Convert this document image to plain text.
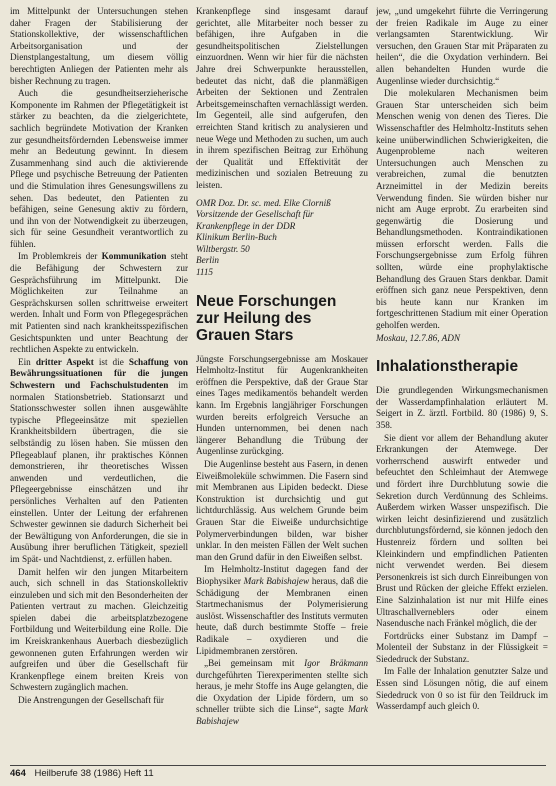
im Mittelpunkt der Untersuchungen stehen daher Fragen der Stabilisierung der Stationskollektive, der wissenschaftlichen Arbeitsorganisation und der Dienstplangestaltung, um diesem völlig berechtigten Anliegen der Patienten mehr als bisher Rechnung zu tragen.

Auch die gesundheitserzieherische Komponente im Rahmen der Pflegetätigkeit ist stärker zu beachten, da die zielgerichtete, sachlich begründete Motivation der Kranken zur gesundheitsfördernden Lebensweise immer mehr an Bedeutung gewinnt. In diesem Zusammenhang sind auch die aktivierende Pflege und psychische Betreuung der Patienten und die Stimulation ihres Genesungswillens zu sehen. Das bedeutet, den Patienten zu befähigen, seine Genesung aktiv zu fördern, und ihn von der Notwendigkeit zu überzeugen, sich für seine Gesundheit verantwortlich zu fühlen.

Im Problemkreis der Kommunikation steht die Befähigung der Schwestern zur Gesprächsführung im Mittelpunkt. Die Möglichkeiten zur Teilnahme an Gesprächskursen sollen schrittweise erweitert werden. Inhalt und Form von Pflegegesprächen mit Patienten sind nach krankheitsspezifischen Gesichtspunkten und unter Beachtung der rechtlichen Aspekte zu entwickeln.

Ein dritter Aspekt ist die Schaffung von Bewährungssituationen für die jungen Schwestern und Fachschulstudenten im normalen Stationsbetrieb. Stationsarzt und Stationsschwester sollen ihnen ausgewählte typische Pflegeeinsätze mit speziellen Krankheitsbildern übertragen, die sie selbständig zu lösen haben. Sie müssen den Pflegeablauf planen, ihr praktisches Können demonstrieren, ihr theoretisches Wissen anwenden und verdeutlichen, die Pflegeergebnisse einschätzen und ihr persönliches Verhalten auf den Patienten einstellen. Unter der Leitung der erfahrenen Schwester gewinnen sie dadurch Sicherheit bei der Bewältigung von Anforderungen, die sie in Ausübung ihrer beruflichen Tätigkeit, speziell im Spät- und Nachtdienst, z. erfüllen haben.

Damit helfen wir den jungen Mitarbeitern auch, sich schnell in das Stationskollektiv einzuleben und sich mit den Besonderheiten der Patienten vertraut zu machen. Gleichzeitig spielen dabei die arbeitsplatzbezogene Fortbildung und Weiterbildung eine Rolle. Die im Kreiskrankenhaus Auerbach diesbezüglich gewonnenen guten Erfahrungen werden wir aufgreifen und über die Gesellschaft für Krankenpflege einem breiten Kreis von Schwestern zugänglich machen.

Die Anstrengungen der Gesellschaft für

Krankenpflege sind insgesamt darauf gerichtet, alle Mitarbeiter noch besser zu befähigen, ihre Aufgaben in die gesundheitspolitischen Zielstellungen einzuordnen. Wenn wir hier für die nächsten Jahre drei Schwerpunkte herausstellen, bedeutet das nicht, daß die planmäßigen Arbeiten der Sektionen und Zentralen Arbeitsgemeinschaften vernachlässigt werden. Im Gegenteil, alle sind aufgerufen, den erreichten Stand kritisch zu analysieren und neue Wege und Methoden zu suchen, um auch in ihrem spezifischen Beitrag zur Erhöhung der Qualität und Effektivität der medizinischen und sozialen Betreuung zu leisten.

OMR Doz. Dr. sc. med. Elke Clorniß
Vorsitzende der Gesellschaft für Krankenpflege in der DDR
Klinikum Berlin-Buch
Wiltbergstr. 50
Berlin
1115
Neue Forschungen
zur Heilung des
Grauen Stars

Jüngste Forschungsergebnisse am Moskauer Helmholtz-Institut für Augenkrankheiten eröffnen die Perspektive, daß der Graue Star eines Tages medikamentös behandelt werden kann. Im Ergebnis langjähriger Forschungen wurden bereits erfolgreich Versuche an Hunden unternommen, bei denen nach längerer Behandlung die Trübung der Augenlinse zurückging.

Die Augenlinse besteht aus Fasern, in denen Eiweißmoleküle schwimmen. Die Fasern sind mit Membranen aus Lipiden bedeckt. Diese Konstruktion ist durchsichtig und gut lichtdurchlässig. Aus welchem Grunde beim Grauen Star die Eiweiße undurchsichtige Polymerverbindungen bilden, war bisher unklar. In den meisten Fällen der Welt suchen man den Grund dafür in den Eiweißen selbst.

Im Helmholtz-Institut dagegen fand der Biophysiker Mark Babishajew heraus, daß die Schädigung der Membranen einen Startmechanismus der Polymerisierung auslöst. Wissenschaftler des Instituts vermuten heute, daß durch bestimmte Stoffe – freie Radikale – oxydieren und die Lipidmembranen zerstören.

„Bei gemeinsam mit Igor Bräkmann durchgeführten Tierexperimenten stellte sich heraus, je mehr Stoffe ins Auge gelangten, die die Oxydation der Lipide fördern, um so schneller trübte sich die Linse“, sagte Mark Babishajew

jew, „und umgekehrt führte die Verringerung der freien Radikale im Auge zu einer verlangsamten Starentwicklung. Wir versuchen, den Grauen Star mit Präparaten zu heilen“, die die Oxydation verhindern. Bei allen behandelten Hunden wurde die Augenlinse wieder durchsichtig.“

Die molekularen Mechanismen beim Grauen Star unterscheiden sich beim Menschen wenig von denen des Tieres. Die Wissenschaftler des Helmholtz-Instituts sehen keine unüberwindlichen Schwierigkeiten, die Augenprobleme nach weiteren Untersuchungen auch Menschen zu verabreichen, zumal die benutzten Arzneimittel in der Medizin bereits Verwendung finden. Sie würden bisher nur nicht am Auge erprobt. Zu erarbeiten sind gegenwärtig die Dosierung und Behandlungsmethoden. Kontraindikationen müssen erforscht werden. Falls die Forschungsergebnisse zum Erfolg führen sollten, würde eine prophylaktische Behandlung des Grauen Stars denkbar. Damit eröffnen sich ganz neue Perspektiven, denn bis heute kann nur Kranken im fortgeschrittenen Stadium mit einer Operation geholfen werden.

Moskau, 12.7.86, ADN

Inhalationstherapie

Die grundlegenden Wirkungsmechanismen der Wasserdampfinhalation erläutert M. Seigert in Z. ärztl. Fortbild. 80 (1986) 9, S. 358.

Sie dient vor allem der Behandlung akuter Erkrankungen der Atemwege. Der vorherrschend auswirft entweder und befeuchtet den Schleimhaut der Atemwege und fördert ihre Durchblutung sowie die Sekretion durch Verdünnung des Schleims. Außerdem wirken Wasser unspezifisch. Die wirken leicht desinfizierend und zusätzlich durchblutungsfördernd, sie können jedoch den Hustenreiz fördern und sollten bei Kleinkindern und empfindlichen Patienten nicht verwendet werden. Bei diesem Personenkreis ist sich durch Einreibungen von Brust und Rücken der gleiche Effekt erzielen. Eine Salzinhalation ist nur mit Hilfe eines Ultraschallverneblers oder einem Nasendusche nach Fränkel möglich, die der

Fortdrücks einer Substanz im Dampf – Molenteil der Substanz in der Flüssigkeit = Siededruck der Substanz.

Im Falle der Inhalation genutzter Salze und Essen sind Lösungen nötig, die auf einem Siededruck von 0 so ist für den Teildruck im Wasserdampf auch gleich 0.

464 Heilberufe 38 (1986) Heft 11
